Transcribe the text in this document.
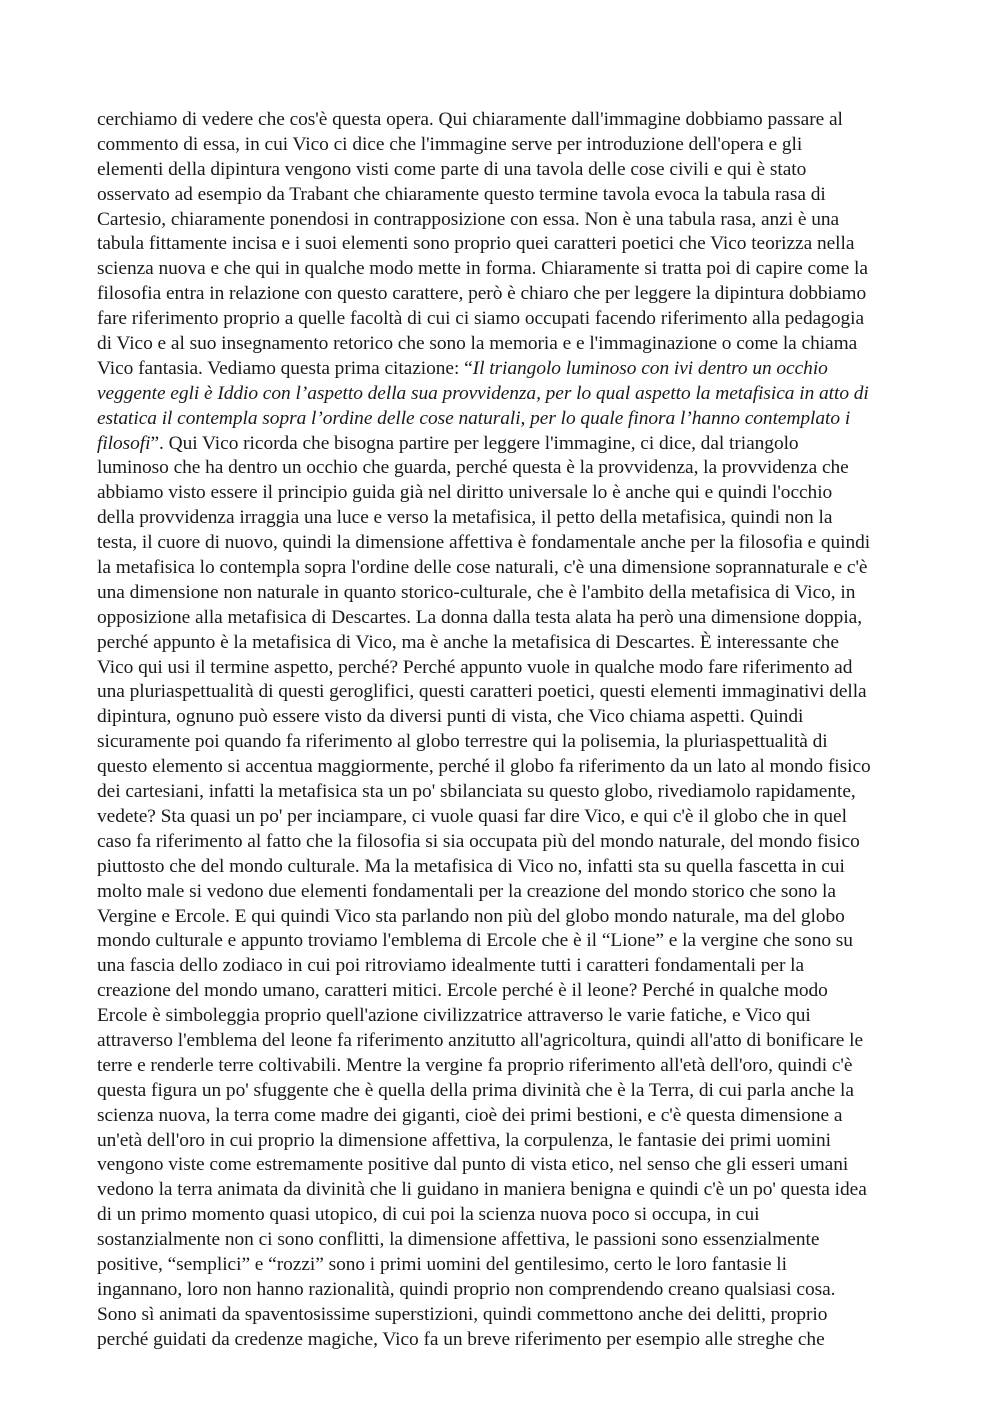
cerchiamo di vedere che cos'è questa opera. Qui chiaramente dall'immagine dobbiamo passare al
commento di essa, in cui Vico ci dice che l'immagine serve per introduzione dell'opera e gli
elementi della dipintura vengono visti come parte di una tavola delle cose civili e qui è stato
osservato ad esempio da Trabant che chiaramente questo termine tavola evoca la tabula rasa di
Cartesio, chiaramente ponendosi in contrapposizione con essa. Non è una tabula rasa, anzi è una
tabula fittamente incisa e i suoi elementi sono proprio quei caratteri poetici che Vico teorizza nella
scienza nuova e che qui in qualche modo mette in forma. Chiaramente si tratta poi di capire come la
filosofia entra in relazione con questo carattere, però è chiaro che per leggere la dipintura dobbiamo
fare riferimento proprio a quelle facoltà di cui ci siamo occupati facendo riferimento alla pedagogia
di Vico e al suo insegnamento retorico che sono la memoria e e l'immaginazione o come la chiama
Vico fantasia. Vediamo questa prima citazione: “Il triangolo luminoso con ivi dentro un occhio
veggente egli è Iddio con l’aspetto della sua provvidenza, per lo qual aspetto la metafisica in atto di
estatica il contempla sopra l’ordine delle cose naturali, per lo quale finora l’hanno contemplato i
filosofi”. Qui Vico ricorda che bisogna partire per leggere l'immagine, ci dice, dal triangolo
luminoso che ha dentro un occhio che guarda, perché questa è la provvidenza, la provvidenza che
abbiamo visto essere il principio guida già nel diritto universale lo è anche qui e quindi l'occhio
della provvidenza irraggia una luce e verso la metafisica, il petto della metafisica, quindi non la
testa, il cuore di nuovo, quindi la dimensione affettiva è fondamentale anche per la filosofia e quindi
la metafisica lo contempla sopra l'ordine delle cose naturali, c'è una dimensione soprannaturale e c'è
una dimensione non naturale in quanto storico-culturale, che è l'ambito della metafisica di Vico, in
opposizione alla metafisica di Descartes. La donna dalla testa alata ha però una dimensione doppia,
perché appunto è la metafisica di Vico, ma è anche la metafisica di Descartes. È interessante che
Vico qui usi il termine aspetto, perché? Perché appunto vuole in qualche modo fare riferimento ad
una pluriaspettualità di questi geroglifici, questi caratteri poetici, questi elementi immaginativi della
dipintura, ognuno può essere visto da diversi punti di vista, che Vico chiama aspetti. Quindi
sicuramente poi quando fa riferimento al globo terrestre qui la polisemia, la pluriaspettualità di
questo elemento si accentua maggiormente, perché il globo fa riferimento da un lato al mondo fisico
dei cartesiani, infatti la metafisica sta un po' sbilanciata su questo globo, rivediamolo rapidamente,
vedete? Sta quasi un po' per inciampare, ci vuole quasi far dire Vico, e qui c'è il globo che in quel
caso fa riferimento al fatto che la filosofia si sia occupata più del mondo naturale, del mondo fisico
piuttosto che del mondo culturale. Ma la metafisica di Vico no, infatti sta su quella fascetta in cui
molto male si vedono due elementi fondamentali per la creazione del mondo storico che sono la
Vergine e Ercole. E qui quindi Vico sta parlando non più del globo mondo naturale, ma del globo
mondo culturale e appunto troviamo l'emblema di Ercole che è il “Lione” e la vergine che sono su
una fascia dello zodiaco in cui poi ritroviamo idealmente tutti i caratteri fondamentali per la
creazione del mondo umano, caratteri mitici. Ercole perché è il leone? Perché in qualche modo
Ercole è simboleggia proprio quell'azione civilizzatrice attraverso le varie fatiche, e Vico qui
attraverso l'emblema del leone fa riferimento anzitutto all'agricoltura, quindi all'atto di bonificare le
terre e renderle terre coltivabili. Mentre la vergine fa proprio riferimento all'età dell'oro, quindi c'è
questa figura un po' sfuggente che è quella della prima divinità che è la Terra, di cui parla anche la
scienza nuova, la terra come madre dei giganti, cioè dei primi bestioni, e c'è questa dimensione a
un'età dell'oro in cui proprio la dimensione affettiva, la corpulenza, le fantasie dei primi uomini
vengono viste come estremamente positive dal punto di vista etico, nel senso che gli esseri umani
vedono la terra animata da divinità che li guidano in maniera benigna e quindi c'è un po' questa idea
di un primo momento quasi utopico, di cui poi la scienza nuova poco si occupa, in cui
sostanzialmente non ci sono conflitti, la dimensione affettiva, le passioni sono essenzialmente
positive, “semplici” e “rozzi” sono i primi uomini del gentilesimo, certo le loro fantasie li
ingannano, loro non hanno razionalità, quindi proprio non comprendendo creano qualsiasi cosa.
Sono sì animati da spaventosissime superstizioni, quindi commettono anche dei delitti, proprio
perché guidati da credenze magiche, Vico fa un breve riferimento per esempio alle streghe che
